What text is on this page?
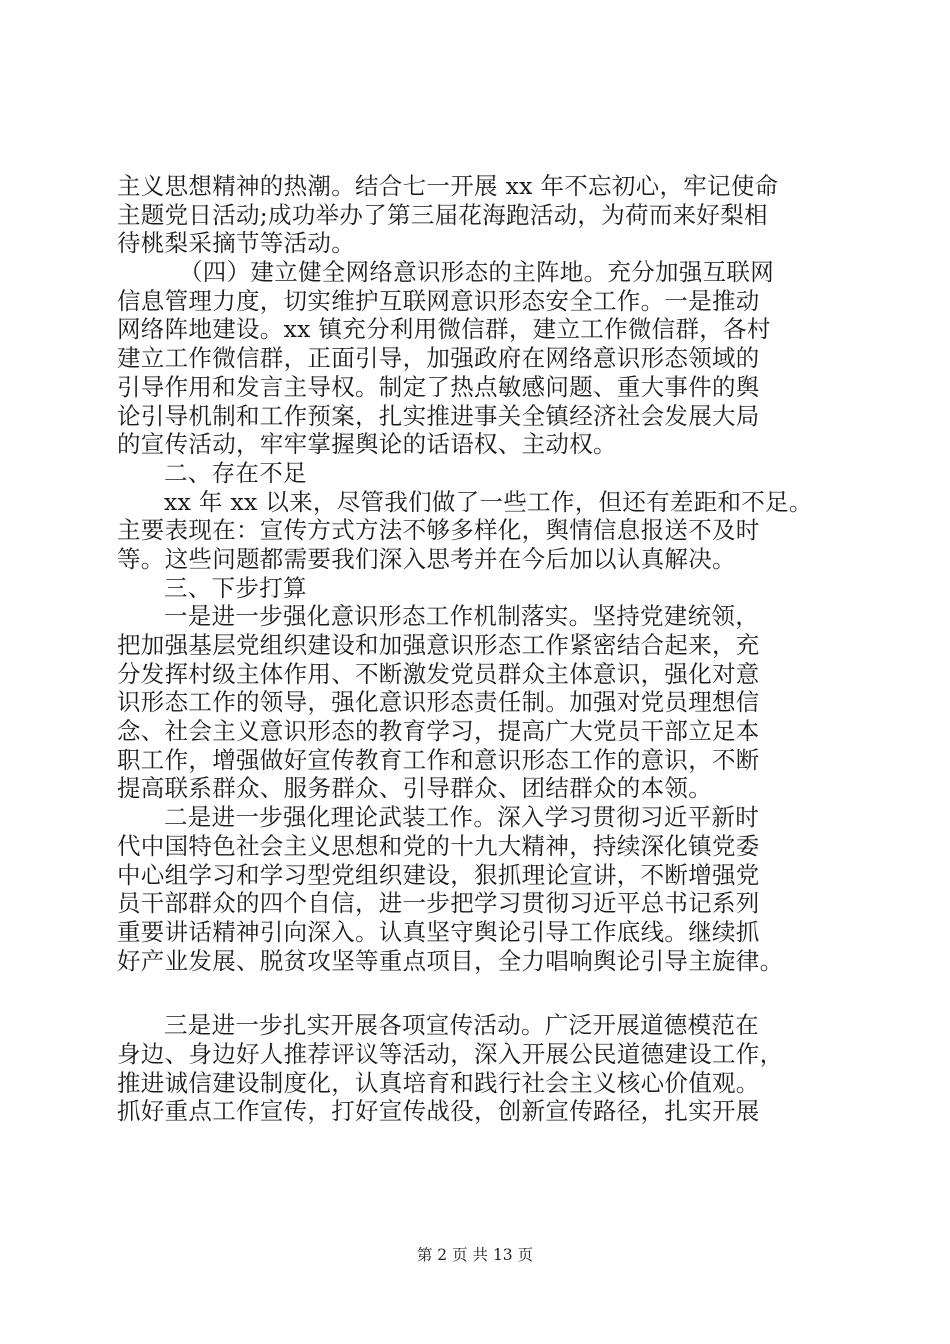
主义思想精神的热潮。结合七一开展 xx 年不忘初心，牢记使命
主题党日活动;成功举办了第三届花海跑活动，为荷而来好梨相
待桃梨采摘节等活动。
（四）建立健全网络意识形态的主阵地。充分加强互联网
信息管理力度，切实维护互联网意识形态安全工作。一是推动
网络阵地建设。xx 镇充分利用微信群，建立工作微信群，各村
建立工作微信群，正面引导，加强政府在网络意识形态领域的
引导作用和发言主导权。制定了热点敏感问题、重大事件的舆
论引导机制和工作预案，扎实推进事关全镇经济社会发展大局
的宣传活动，牢牢掌握舆论的话语权、主动权。
二、存在不足
xx 年 xx 以来，尽管我们做了一些工作，但还有差距和不足。
主要表现在：宣传方式方法不够多样化，舆情信息报送不及时
等。这些问题都需要我们深入思考并在今后加以认真解决。
三、下步打算
一是进一步强化意识形态工作机制落实。坚持党建统领，
把加强基层党组织建设和加强意识形态工作紧密结合起来，充
分发挥村级主体作用、不断激发党员群众主体意识，强化对意
识形态工作的领导，强化意识形态责任制。加强对党员理想信
念、社会主义意识形态的教育学习，提高广大党员干部立足本
职工作，增强做好宣传教育工作和意识形态工作的意识，不断
提高联系群众、服务群众、引导群众、团结群众的本领。
二是进一步强化理论武装工作。深入学习贯彻习近平新时
代中国特色社会主义思想和党的十九大精神，持续深化镇党委
中心组学习和学习型党组织建设，狠抓理论宣讲，不断增强党
员干部群众的四个自信，进一步把学习贯彻习近平总书记系列
重要讲话精神引向深入。认真坚守舆论引导工作底线。继续抓
好产业发展、脱贫攻坚等重点项目，全力唱响舆论引导主旋律。
三是进一步扎实开展各项宣传活动。广泛开展道德模范在
身边、身边好人推荐评议等活动，深入开展公民道德建设工作，
推进诚信建设制度化，认真培育和践行社会主义核心价值观。
抓好重点工作宣传，打好宣传战役，创新宣传路径，扎实开展
第 2 页 共 13 页
